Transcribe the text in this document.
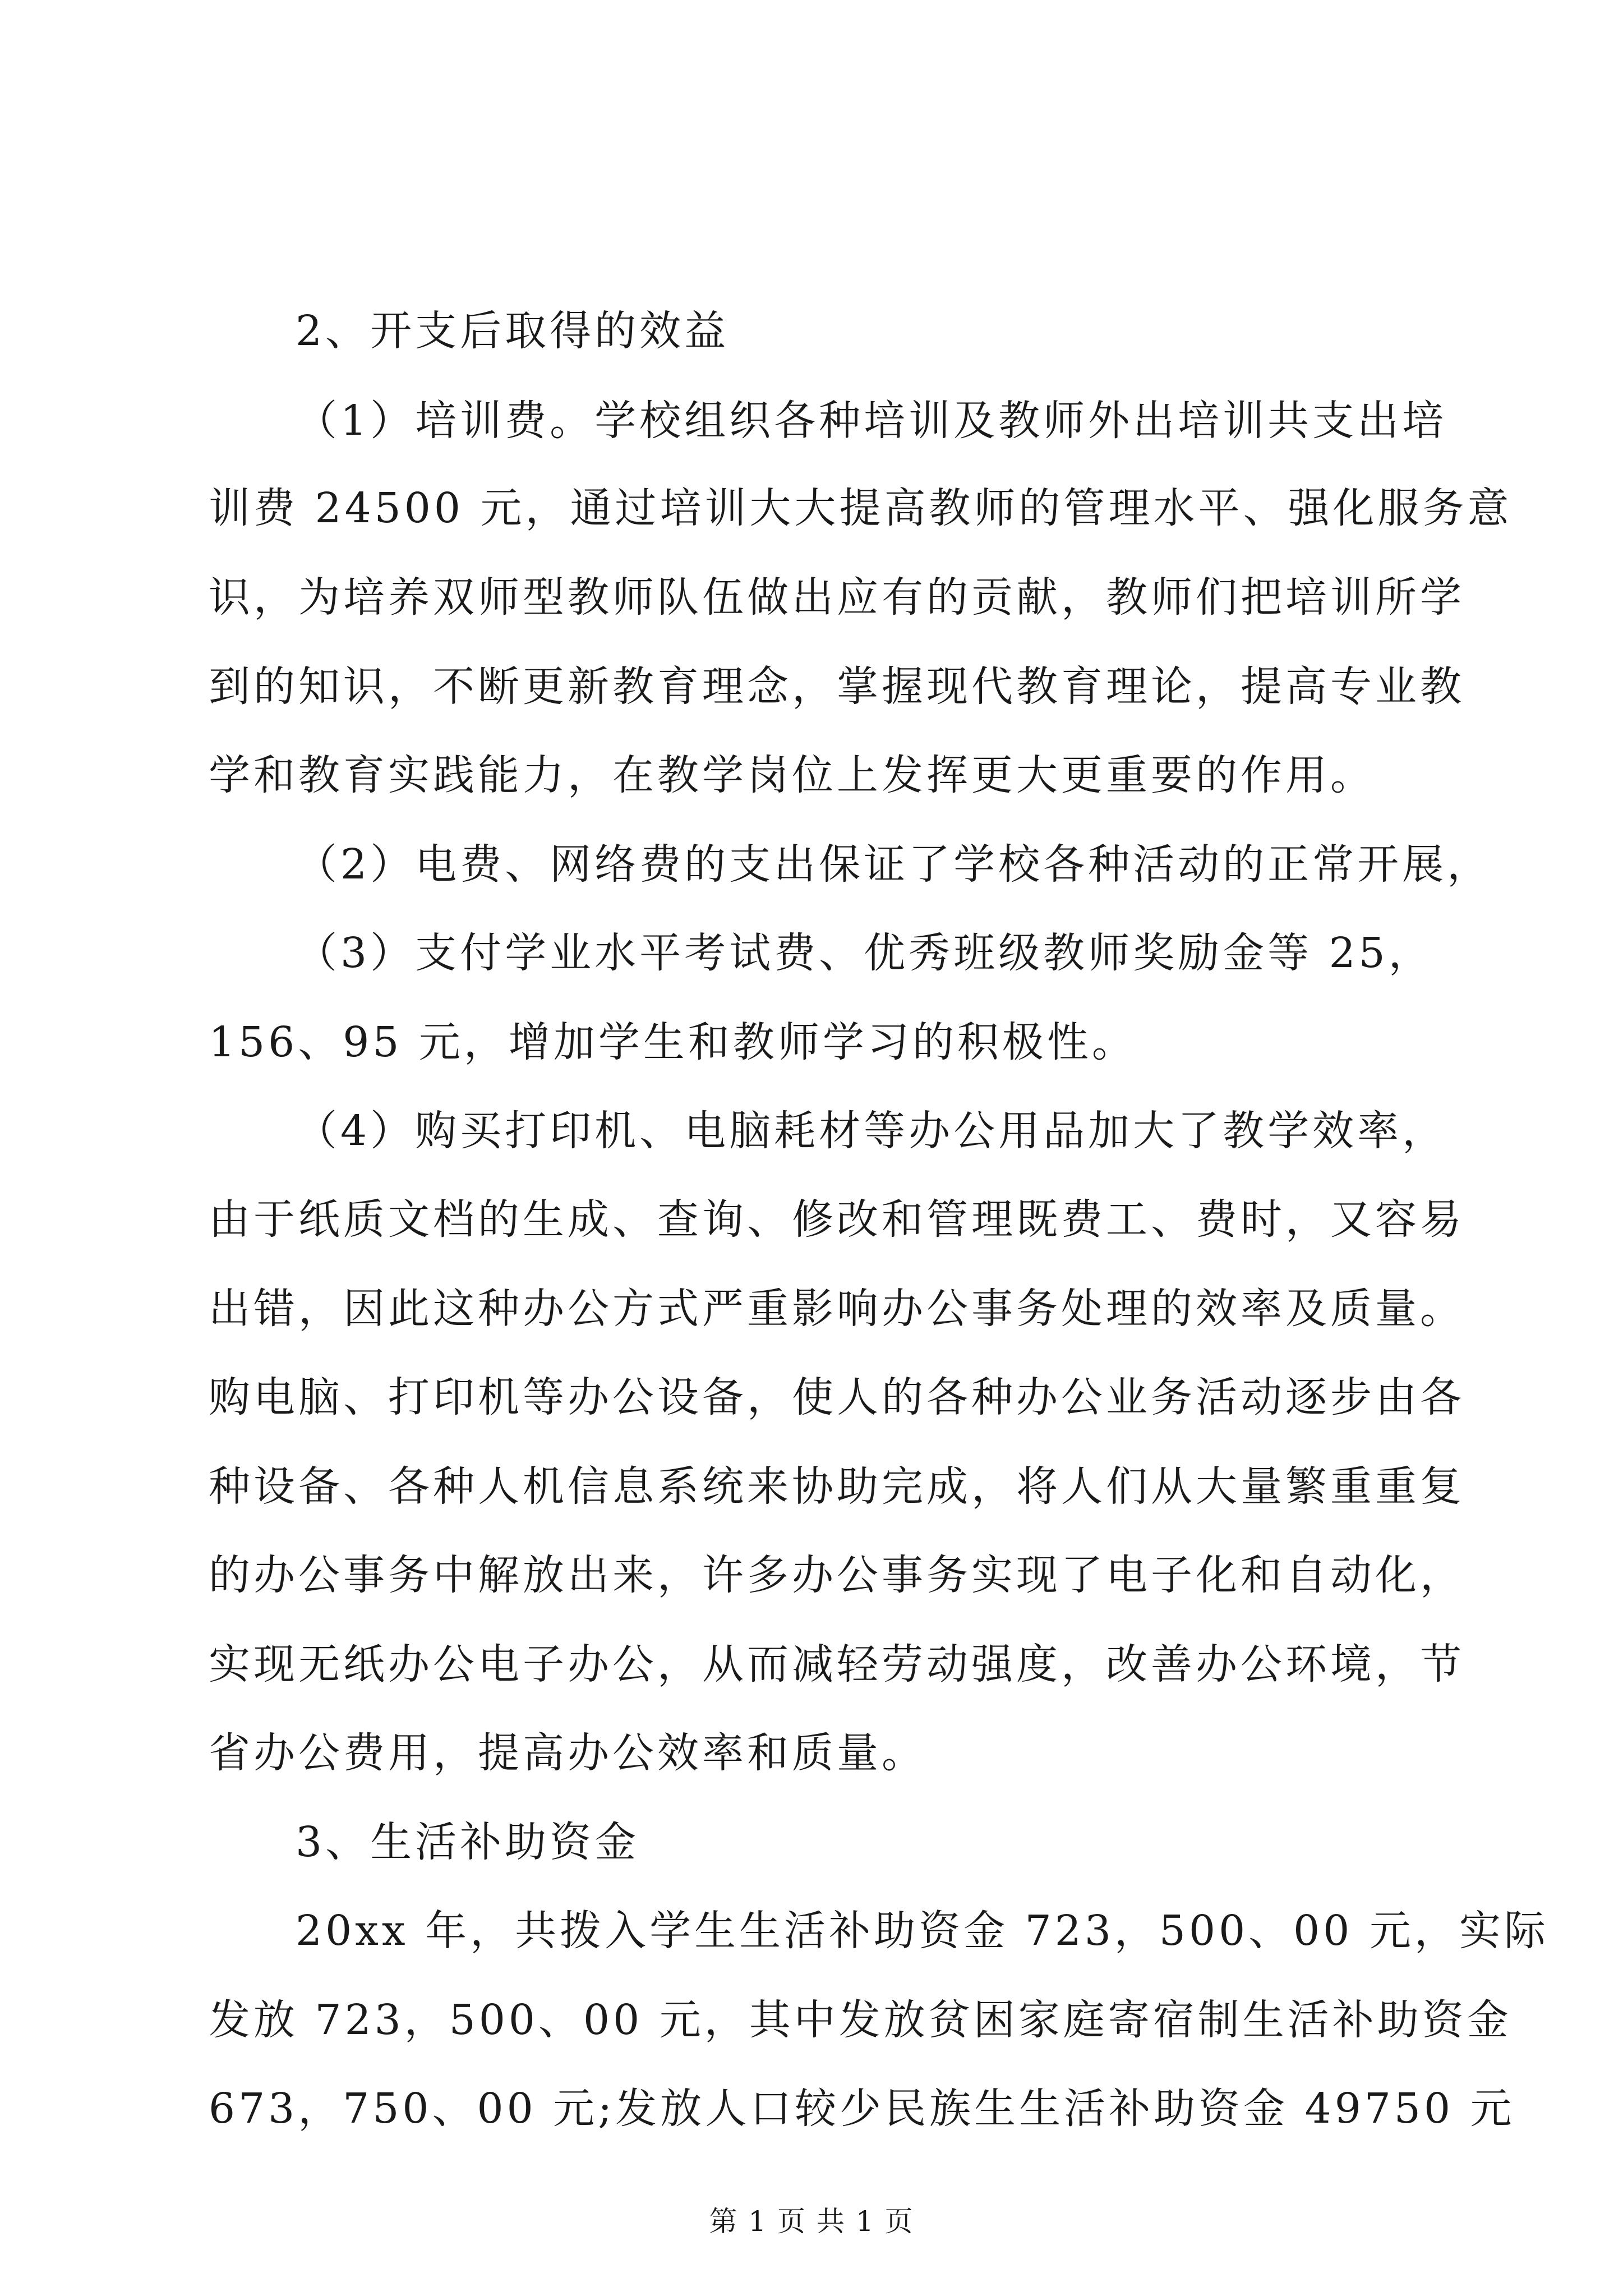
2、开支后取得的效益
（1）培训费。学校组织各种培训及教师外出培训共支出培
训费 24500 元，通过培训大大提高教师的管理水平、强化服务意
识，为培养双师型教师队伍做出应有的贡献，教师们把培训所学
到的知识，不断更新教育理念，掌握现代教育理论，提高专业教
学和教育实践能力，在教学岗位上发挥更大更重要的作用。
（2）电费、网络费的支出保证了学校各种活动的正常开展，
（3）支付学业水平考试费、优秀班级教师奖励金等 25，
156、95 元，增加学生和教师学习的积极性。
（4）购买打印机、电脑耗材等办公用品加大了教学效率，
由于纸质文档的生成、查询、修改和管理既费工、费时，又容易
出错，因此这种办公方式严重影响办公事务处理的效率及质量。
购电脑、打印机等办公设备，使人的各种办公业务活动逐步由各
种设备、各种人机信息系统来协助完成，将人们从大量繁重重复
的办公事务中解放出来，许多办公事务实现了电子化和自动化，
实现无纸办公电子办公，从而减轻劳动强度，改善办公环境，节
省办公费用，提高办公效率和质量。
3、生活补助资金
20xx 年，共拨入学生生活补助资金 723，500、00 元，实际
发放 723，500、00 元，其中发放贫困家庭寄宿制生活补助资金
673，750、00 元;发放人口较少民族生生活补助资金 49750 元
第 1 页 共 1 页
